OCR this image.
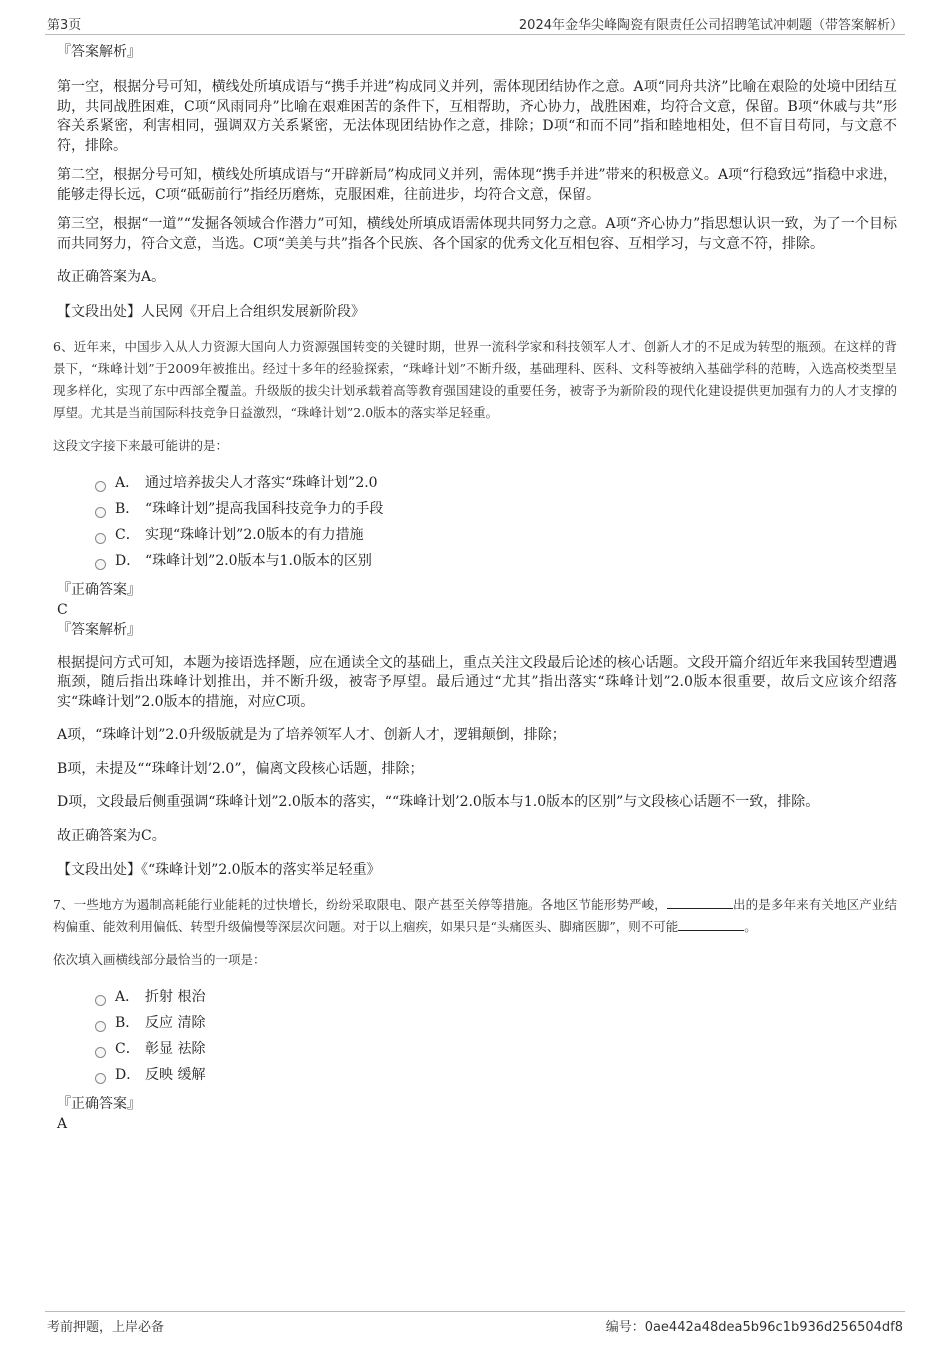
第3页	2024年金华尖峰陶瓷有限责任公司招聘笔试冲刺题（带答案解析）

『答案解析』

第一空，根据分号可知，横线处所填成语与“携手并进”构成同义并列，需体现团结协作之意。A项“同舟共济”比喻在艰险的处境中团结互助，共同战胜困难，C项“风雨同舟”比喻在艰难困苦的条件下，互相帮助，齐心协力，战胜困难，均符合文意，保留。B项“休戚与共”形容关系紧密，利害相同，强调双方关系紧密，无法体现团结协作之意，排除；D项“和而不同”指和睦地相处，但不盲目苟同，与文意不符，排除。

第二空，根据分号可知，横线处所填成语与“开辟新局”构成同义并列，需体现“携手并进”带来的积极意义。A项“行稳致远”指稳中求进，能够走得长远，C项“砥砺前行”指经历磨炼，克服困难，往前进步，均符合文意，保留。

第三空，根据“一道”“发掘各领域合作潜力”可知，横线处所填成语需体现共同努力之意。A项“齐心协力”指思想认识一致，为了一个目标而共同努力，符合文意，当选。C项“美美与共”指各个民族、各个国家的优秀文化互相包容、互相学习，与文意不符，排除。

故正确答案为A。

【文段出处】人民网《开启上合组织发展新阶段》

6、近年来，中国步入从人力资源大国向人力资源强国转变的关键时期，世界一流科学家和科技领军人才、创新人才的不足成为转型的瓶颈。在这样的背景下，“珠峰计划”于2009年被推出。经过十多年的经验探索，“珠峰计划”不断升级，基础理科、医科、文科等被纳入基础学科的范畴，入选高校类型呈现多样化，实现了东中西部全覆盖。升级版的拔尖计划承载着高等教育强国建设的重要任务，被寄予为新阶段的现代化建设提供更加强有力的人才支撑的厚望。尤其是当前国际科技竞争日益激烈，“珠峰计划”2.0版本的落实举足轻重。

这段文字接下来最可能讲的是：

A． 通过培养拔尖人才落实“珠峰计划”2.0
B． “珠峰计划”提高我国科技竞争力的手段
C． 实现“珠峰计划”2.0版本的有力措施
D． “珠峰计划”2.0版本与1.0版本的区别

『正确答案』

C

『答案解析』

根据提问方式可知，本题为接语选择题，应在通读全文的基础上，重点关注文段最后论述的核心话题。文段开篇介绍近年来我国转型遭遇瓶颈，随后指出珠峰计划推出，并不断升级，被寄予厚望。最后通过“尤其”指出落实“珠峰计划”2.0版本很重要，故后文应该介绍落实“珠峰计划”2.0版本的措施，对应C项。

A项，“珠峰计划”2.0升级版就是为了培养领军人才、创新人才，逻辑颠倒，排除；

B项，未提及““珠峰计划’2.0”，偏离文段核心话题，排除；

D项，文段最后侧重强调“珠峰计划”2.0版本的落实，““珠峰计划’2.0版本与1.0版本的区别”与文段核心话题不一致，排除。

故正确答案为C。

【文段出处】《“珠峰计划”2.0版本的落实举足轻重》

7、一些地方为遏制高耗能行业能耗的过快增长，纷纷采取限电、限产甚至关停等措施。各地区节能形势严峻，	出的是多年来有关地区产业结构偏重、能效利用偏低、转型升级偏慢等深层次问题。对于以上痼疾，如果只是“头痛医头、脚痛医脚”，则不可能	。

依次填入画横线部分最恰当的一项是：

A． 折射 根治
B． 反应 清除
C． 彰显 祛除
D． 反映 缓解

『正确答案』

A

考前押题，上岸必备	编号：0ae442a48dea5b96c1b936d256504df8
